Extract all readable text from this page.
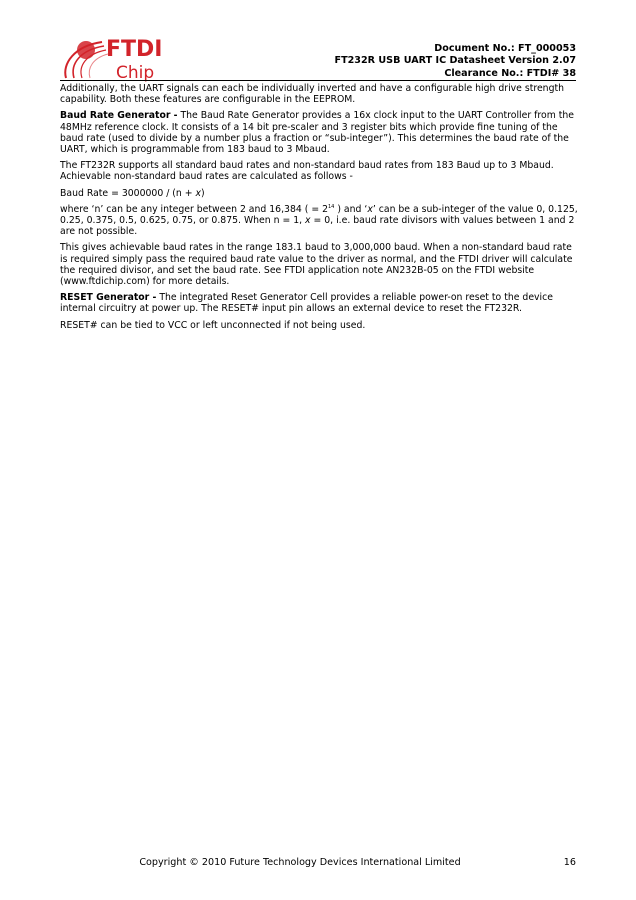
FTDI
Chip
Document No.: FT_000053
FT232R USB UART IC Datasheet Version 2.07
Clearance No.: FTDI# 38

Additionally, the UART signals can each be individually inverted and have a configurable high drive strength capability. Both these features are configurable in the EEPROM.

Baud Rate Generator - The Baud Rate Generator provides a 16x clock input to the UART Controller from the 48MHz reference clock. It consists of a 14 bit pre-scaler and 3 register bits which provide fine tuning of the baud rate (used to divide by a number plus a fraction or “sub-integer”). This determines the baud rate of the UART, which is programmable from 183 baud to 3 Mbaud.

The FT232R supports all standard baud rates and non-standard baud rates from 183 Baud up to 3 Mbaud. Achievable non-standard baud rates are calculated as follows -

Baud Rate = 3000000 / (n + x)

where ‘n’ can be any integer between 2 and 16,384 ( = $2^{14}$ ) and ‘x’ can be a sub-integer of the value 0, 0.125, 0.25, 0.375, 0.5, 0.625, 0.75, or 0.875. When n = 1, x = 0, i.e. baud rate divisors with values between 1 and 2 are not possible.

This gives achievable baud rates in the range 183.1 baud to 3,000,000 baud. When a non-standard baud rate is required simply pass the required baud rate value to the driver as normal, and the FTDI driver will calculate the required divisor, and set the baud rate. See FTDI application note AN232B-05 on the FTDI website (www.ftdichip.com) for more details.

RESET Generator - The integrated Reset Generator Cell provides a reliable power-on reset to the device internal circuitry at power up. The RESET# input pin allows an external device to reset the FT232R.

RESET# can be tied to VCC or left unconnected if not being used.

Copyright © 2010 Future Technology Devices International Limited	16
